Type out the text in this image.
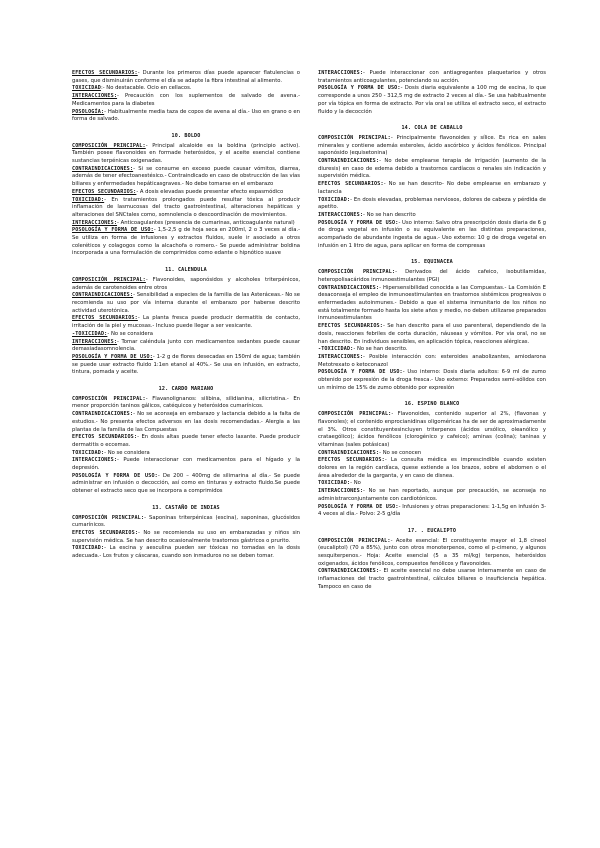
EFECTOS SECUNDARIOS:- Durante los primeros días puede aparecer flatulencias o gases, que disminuirán conforme el día se adapte la fibra intestinal al alimento.

TOXICIDAD:- No destacable. Ocio en cellacos.

INTERACCIONES:- Precaución con los suplementos de salvado de avena.- Medicamentos para la diabetes

POSOLOGÍA:- Habitualmente media taza de copos de avena al día.- Uso en grano o en forma de salvado.

10. BOLDO

COMPOSICIÓN PRINCIPAL:- Principal alcaloide es la boldina (principio activo). También posee flavonoides en formade heterósidos, y el aceite esencial contiene sustancias terpénicas oxigenadas.

CONTRAINDICACIONES:- Si se consume en exceso puede causar vómitos, diarrea, además de tener efectoanestésico.- Contraindicado en caso de obstrucción de las vías biliares y enfermedades hepáticasgraves.- No debe tomarse en el embarazo

EFECTOS SECUNDARIOS:- A dosis elevadas puede presentar efecto espasmódico

TOXICIDAD:- En tratamientos prolongados puede resultar tóxica al producir inflamación de lasmucosas del tracto gastrointestinal, alteraciones hepáticas y alteraciones del SNCtales como, somnolencia o descoordinación de movimientos.

INTERACCIONES:- Anticoagulantes (presencia de cumarinas, anticoagulante natural)

POSOLOGÍA Y FORMA DE USO:- 1,5-2,5 g de hoja seca en 200ml, 2 o 3 veces al día.- Se utiliza en forma de infusiones y extractos fluidos, suele ir asociado a otros coleréticos y colagogos como la alcachofa o romero.- Se puede administrar boldina incorporada a una formulación de comprimidos como edante o hipnótico suave

11. CALENDULA

COMPOSICIÓN PRINCIPAL:- Flavonoides, saponósidos y alcoholes triterpénicos, además de carotenoides entre otros

CONTRAINDICACIONES:- Sensibilidad a especies de la familia de las Asteráceas.- No se recomienda su uso por vía interna durante el embarazo por haberse descrito actividad uterotónica.

EFECTOS SECUNDARIOS:- La planta fresca puede producir dermatitis de contacto, irritación de la piel y mucosas.- Incluso puede llegar a ser vesicante.

-TOXICIDAD:- No se considera

INTERACCIONES:- Tomar caléndula junto con medicamentos sedantes puede causar demasiadasomnolencia.

POSOLOGÍA Y FORMA DE USO:- 1-2 g de flores desecadas en 150ml de agua; también se puede usar extracto fluido 1:1en etanol al 40%.- Se usa en infusión, en extracto, tintura, pomada y aceite.

12. CARDO MARIANO

COMPOSICIÓN PRINCIPAL:- Flavanolignanos: silibina, silidianina, silicristina.- En menor proporción taninos gálicos, catéquicos y heterósidos cumarínicos.

CONTRAINDICACIONES:- No se aconseja en embarazo y lactancia debido a la falta de estudios.- No presenta efectos adversos en las dosis recomendadas.- Alergia a las plantas de la familia de las Compuestas

EFECTOS SECUNDARIOS:- En dosis altas puede tener efecto laxante. Puede producir dermatitis o eccemas.

TOXICIDAD:- No se considera

INTERACCIONES:- Puede interaccionar con medicamentos para el hígado y la depresión.

POSOLOGÍA Y FORMA DE USO:- De 200 – 400mg de silimarina al día.- Se puede administrar en infusión o decocción, así como en tinturas y extracto fluido.Se puede obtener el extracto seco que se incorpora a comprimidos

13. CASTAÑO DE INDIAS

COMPOSICIÓN PRINCIPAL:- Saponinas triterpénicas (escina), saponinas, glucósidos cumarínicos.

EFECTOS SECUNDARIOS:- No se recomienda su uso en embarazadas y niños sin supervisión médica. Se han descrito ocasionalmente trastornos gástricos o prurito.

TOXICIDAD:- La escina y aesculina pueden ser tóxicas no tomadas en la dosis adecuada.- Los frutos y cáscaras, cuando son inmaduros no se deben tomar.

INTERACCIONES:- Puede interaccionar con antiagregantes plaquetarios y otros tratamientos anticoagulantes, potenciando su acción.

POSOLOGÍA Y FORMA DE USO:- Dosis diaria equivalente a 100 mg de escina, lo que corresponde a unos 250 - 312,5 mg de extracto 2 veces al día.- Se usa habitualmente por vía tópica en forma de extracto. Por vía oral se utiliza el extracto seco, el extracto fluido y la decocción

14. COLA DE CABALLO

COMPOSICIÓN PRINCIPAL:- Principalmente flavonoides y sílice. Es rica en sales minerales y contiene además esteroles, ácido ascórbico y ácidos fenólicos. Principal saponósido (equisetonina)

CONTRAINDICACIONES:- No debe emplearse terapia de irrigación (aumento de la diuresis) en caso de edema debido a trastornos cardíacos o renales sin indicación y supervisión médica.

EFECTOS SECUNDARIOS:- No se han descrito- No debe emplearse en embarazo y lactancia

TOXICIDAD:- En dosis elevadas, problemas nerviosos, dolores de cabeza y pérdida de apetito.

INTERACCIONES:- No se han descrito

POSOLOGÍA Y FORMA DE USO:- Uso interno: Salvo otra prescripción dosis diaria de 6 g de droga vegetal en infusión o su equivalente en las distintas preparaciones, acompañado de abundante ingesta de agua.- Uso externo: 10 g de droga vegetal en infusión en 1 litro de agua, para aplicar en forma de compresas

15. EQUINACEA

COMPOSICIÓN PRINCIPAL:- Derivados del ácido cafeico, isobutilamidas, heteropolisacáridos inmunoestimulantes (PGI)

CONTRAINDICACIONES:- Hipersensibilidad conocida a las Compuestas.- La Comisión E desaconseja el empleo de inmunoestimulantes en trastornos sistémicos progresivos o enfermedades autoinmunes.- Debido a que el sistema inmunitario de los niños no está totalmente formado hasta los siete años y medio, no deben utilizarse preparados inmunoestimulantes

EFECTOS SECUNDARIOS:- Se han descrito para el uso parenteral, dependiendo de la dosis, reacciones febriles de corta duración, náuseas y vómitos. Por vía oral, no se han descrito. En individuos sensibles, en aplicación tópica, reacciones alérgicas.

-TOXICIDAD:- No se han descrito.

INTERACCIONES:- Posible interacción con: esteroides anabolizantes, amiodarona Metotrexato o ketoconazol

POSOLOGÍA Y FORMA DE USO:- Uso interno: Dosis diaria adultos: 6-9 ml de zumo obtenido por expresión de la droga fresca.- Uso externo: Preparados semi-sólidos con un mínimo de 15% de zumo obtenido por expresión

16. ESPINO BLANCO

COMPOSICIÓN PRINCIPAL:- Flavonoides, contenido superior al 2%, (flavonas y flavonoles); el contenido enprocianidinas oligoméricas ha de ser de aproximadamente el 3%. Otros constituyentesincluyen triterpenos (ácidos ursólico, oleanólico y crataególico); ácidos fenólicos (clorogénico y cafeico); aminas (colina); taninas y vitaminas (sales potásicas)

CONTRAINDICACIONES:- No se conocen

EFECTOS SECUNDARIOS:- La consulta médica es imprescindible cuando existen dolores en la región cardíaca, quese extiende a los brazos, sobre el abdomen o el área alrededor de la garganta, y en caso de disnea.

TOXICIDAD:- No

INTERACCIONES:- No se han reportado, aunque por precaución, se aconseja no administrarconjuntamente con cardiotónicos.

POSOLOGÍA Y FORMA DE USO:- Infusiones y otras preparaciones: 1-1,5g en infusión 3-4 veces al día.- Polvo: 2-5 g/día

17. . EUCALIPTO

COMPOSICIÓN PRINCIPAL:- Aceite esencial: El constituyente mayor el 1,8 cineol (eucaliptol) (70 a 85%), junto con otros monoterpenos, como el p-cimeno, y algunos sesquiterpenos.- Hoja: Aceite esencial (5 a 35 ml/kg) terpenos, heterósidos oxigenados, ácidos fenólicos, compuestos fenólicos y flavonoides.

CONTRAINDICACIONES:- El aceite esencial no debe usarse internamente en caso de inflamaciones del tracto gastrointestinal, cálculos biliares o insuficiencia hepática. Tampoco en caso de
